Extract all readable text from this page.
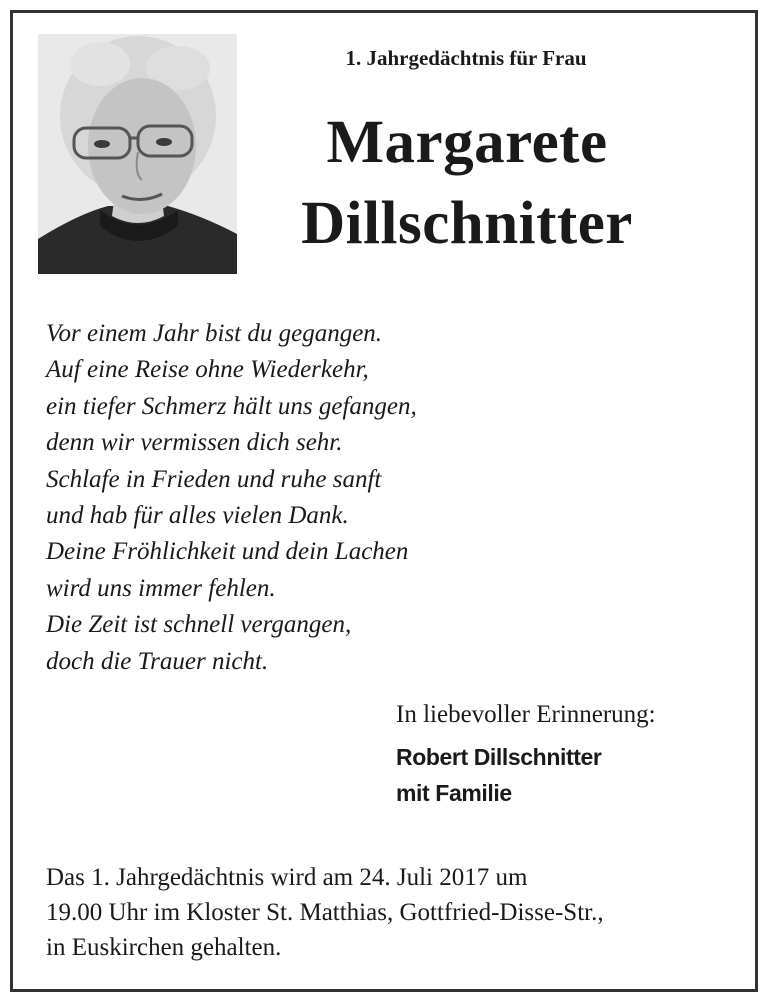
1. Jahrgedächtnis für Frau
Margarete
Dillschnitter
Vor einem Jahr bist du gegangen.
Auf eine Reise ohne Wiederkehr,
ein tiefer Schmerz hält uns gefangen,
denn wir vermissen dich sehr.
Schlafe in Frieden und ruhe sanft
und hab für alles vielen Dank.
Deine Fröhlichkeit und dein Lachen
wird uns immer fehlen.
Die Zeit ist schnell vergangen,
doch die Trauer nicht.
In liebevoller Erinnerung:
Robert Dillschnitter
mit Familie
Das 1. Jahrgedächtnis wird am 24. Juli 2017 um
19.00 Uhr im Kloster St. Matthias, Gottfried-Disse-Str.,
in Euskirchen gehalten.
